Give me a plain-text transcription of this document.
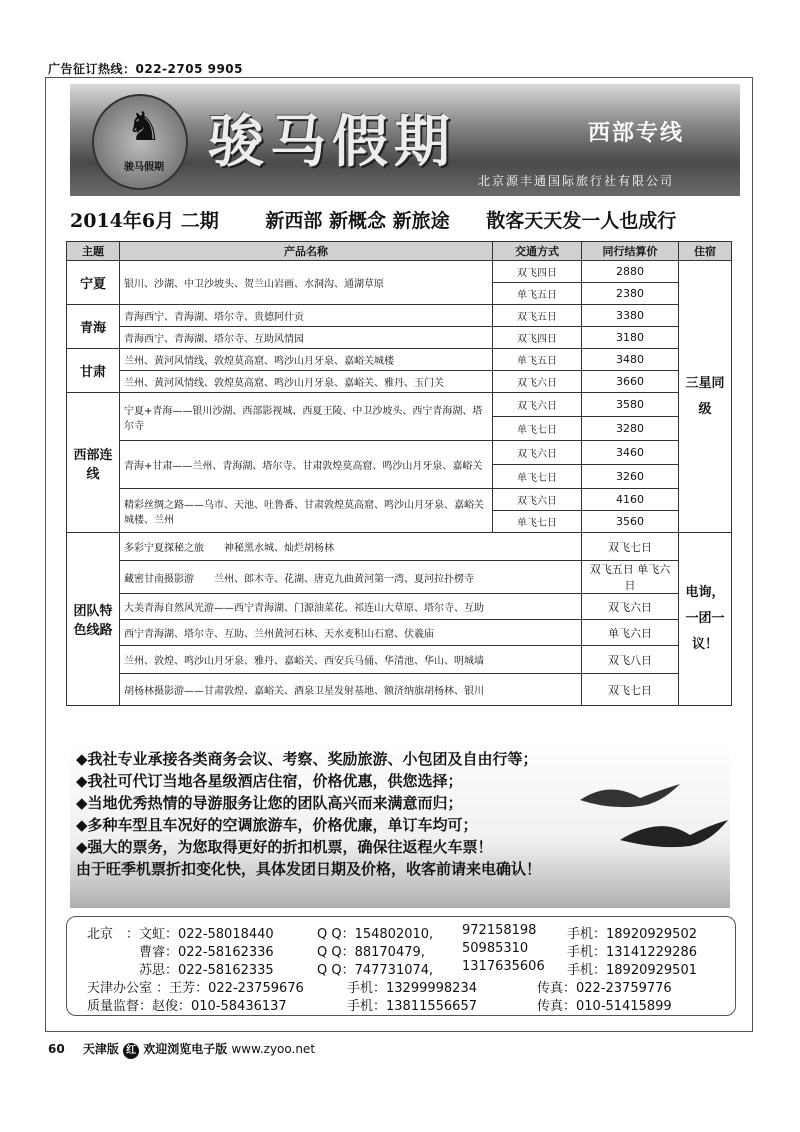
广告征订热线：022-2705 9905
♞
骏马假期 骏马假期	西部专线
北京源丰通国际旅行社有限公司
2014年6月 二期 新西部 新概念 新旅途 散客天天发一人也成行
主题	产品名称	交通方式	同行结算价	住宿
宁夏	银川、沙湖、中卫沙坡头、贺兰山岩画、水洞沟、通湖草原	双飞四日	2880	三星同级
		单飞五日	2380	
青海	青海西宁、青海湖、塔尔寺、贵德阿什贡	双飞五日	3380	
	青海西宁、青海湖、塔尔寺、互助风情园	双飞四日	3180	
甘肃	兰州、黄河风情线、敦煌莫高窟、鸣沙山月牙泉、嘉峪关城楼	单飞五日	3480	
	兰州、黄河风情线、敦煌莫高窟、鸣沙山月牙泉、嘉峪关、雅丹、玉门关	双飞六日	3660	
西部连线	宁夏+青海——银川沙湖、西部影视城、西夏王陵、中卫沙坡头、西宁青海湖、塔尔寺	双飞六日	3580	
		单飞七日	3280	
	青海+甘肃——兰州、青海湖、塔尔寺、甘肃敦煌莫高窟、鸣沙山月牙泉、嘉峪关	双飞六日	3460	
		单飞七日	3260	
	精彩丝绸之路——乌市、天池、吐鲁番、甘肃敦煌莫高窟、鸣沙山月牙泉、嘉峪关城楼、兰州	双飞六日	4160	
		单飞七日	3560	
团队特色线路	多彩宁夏探秘之旅　　神秘黑水城、灿烂胡杨林		双飞七日	电询，一团一议！
	藏密甘南摄影游　　兰州、郎木寺、花湖、唐克九曲黄河第一湾、夏河拉扑楞寺		双飞五日 单飞六日	
	大美青海自然风光游——西宁青海湖、门源油菜花、祁连山大草原、塔尔寺、互助		双飞六日	
	西宁青海湖、塔尔寺、互助、兰州黄河石林、天水麦积山石窟、伏羲庙		单飞六日	
	兰州、敦煌、鸣沙山月牙泉、雅丹、嘉峪关、西安兵马俑、华清池、华山、明城墙		双飞八日	
	胡杨林摄影游——甘肃敦煌、嘉峪关、酒泉卫星发射基地、额济纳旗胡杨林、银川		双飞七日	
◆我社专业承接各类商务会议、考察、奖励旅游、小包团及自由行等；
◆我社可代订当地各星级酒店住宿，价格优惠，供您选择；
◆当地优秀热情的导游服务让您的团队高兴而来满意而归；
◆多种车型且车况好的空调旅游车，价格优廉，单订车均可；
◆强大的票务，为您取得更好的折扣机票，确保往返程火车票！
由于旺季机票折扣变化快，具体发团日期及价格，收客前请来电确认！
北京　：文虹：022-58018440	Q Q：154802010, 972158198 手机：18920929502
曹睿：022-58162336	Q Q：88170479,	50985310	手机：13141229286
苏思：022-58162335	Q Q：747731074, 1317635606 手机：18920929501
天津办公室 ：王芳：022-23759676	手机：13299998234	传真：022-23759776
质量监督：赵俊：010-58436137	手机：13811556657	传真：010-51415899
60 天津版 红 欢迎浏览电子版 www.zyoo.net
